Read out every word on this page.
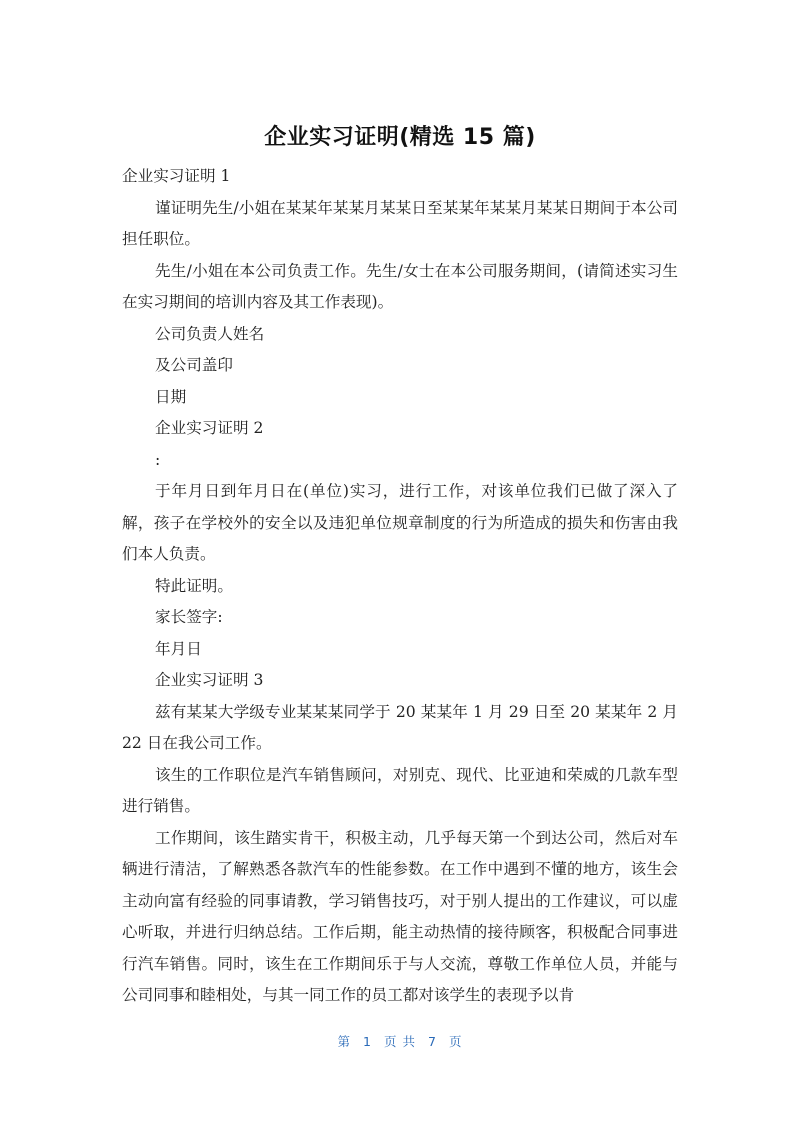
企业实习证明(精选 15 篇)

企业实习证明 1

谨证明先生/小姐在某某年某某月某某日至某某年某某月某某日期间于本公司担任职位。

先生/小姐在本公司负责工作。先生/女士在本公司服务期间，(请简述实习生在实习期间的培训内容及其工作表现)。

公司负责人姓名

及公司盖印

日期

企业实习证明 2

:

于年月日到年月日在(单位)实习，进行工作，对该单位我们已做了深入了解，孩子在学校外的安全以及违犯单位规章制度的行为所造成的损失和伤害由我们本人负责。

特此证明。

家长签字:

年月日

企业实习证明 3

兹有某某大学级专业某某某同学于 20 某某年 1 月 29 日至 20 某某年 2 月 22 日在我公司工作。

该生的工作职位是汽车销售顾问，对别克、现代、比亚迪和荣威的几款车型进行销售。

工作期间，该生踏实肯干，积极主动，几乎每天第一个到达公司，然后对车辆进行清洁，了解熟悉各款汽车的性能参数。在工作中遇到不懂的地方，该生会主动向富有经验的同事请教，学习销售技巧，对于别人提出的工作建议，可以虚心听取，并进行归纳总结。工作后期，能主动热情的接待顾客，积极配合同事进行汽车销售。同时，该生在工作期间乐于与人交流，尊敬工作单位人员，并能与公司同事和睦相处，与其一同工作的员工都对该学生的表现予以肯

第 1 页 共 7 页
